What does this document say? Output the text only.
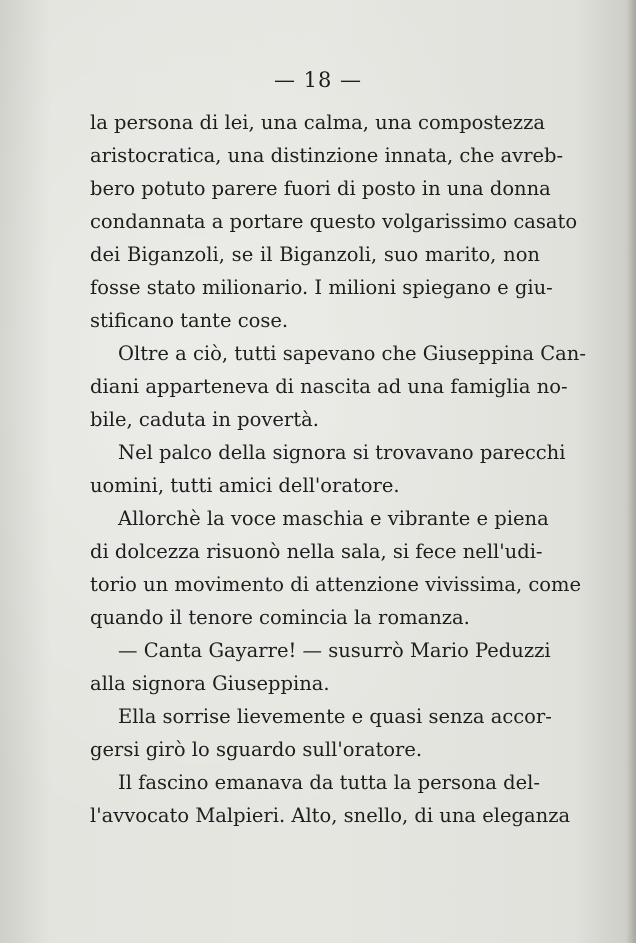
— 18 —
la persona di lei, una calma, una compostezza
aristocratica, una distinzione innata, che avreb-
bero potuto parere fuori di posto in una donna
condannata a portare questo volgarissimo casato
dei Biganzoli, se il Biganzoli, suo marito, non
fosse stato milionario. I milioni spiegano e giu-
stificano tante cose.
Oltre a ciò, tutti sapevano che Giuseppina Can-
diani apparteneva di nascita ad una famiglia no-
bile, caduta in povertà.
Nel palco della signora si trovavano parecchi
uomini, tutti amici dell'oratore.
Allorchè la voce maschia e vibrante e piena
di dolcezza risuonò nella sala, si fece nell'udi-
torio un movimento di attenzione vivissima, come
quando il tenore comincia la romanza.
— Canta Gayarre! — susurrò Mario Peduzzi
alla signora Giuseppina.
Ella sorrise lievemente e quasi senza accor-
gersi girò lo sguardo sull'oratore.
Il fascino emanava da tutta la persona del-
l'avvocato Malpieri. Alto, snello, di una eleganza
